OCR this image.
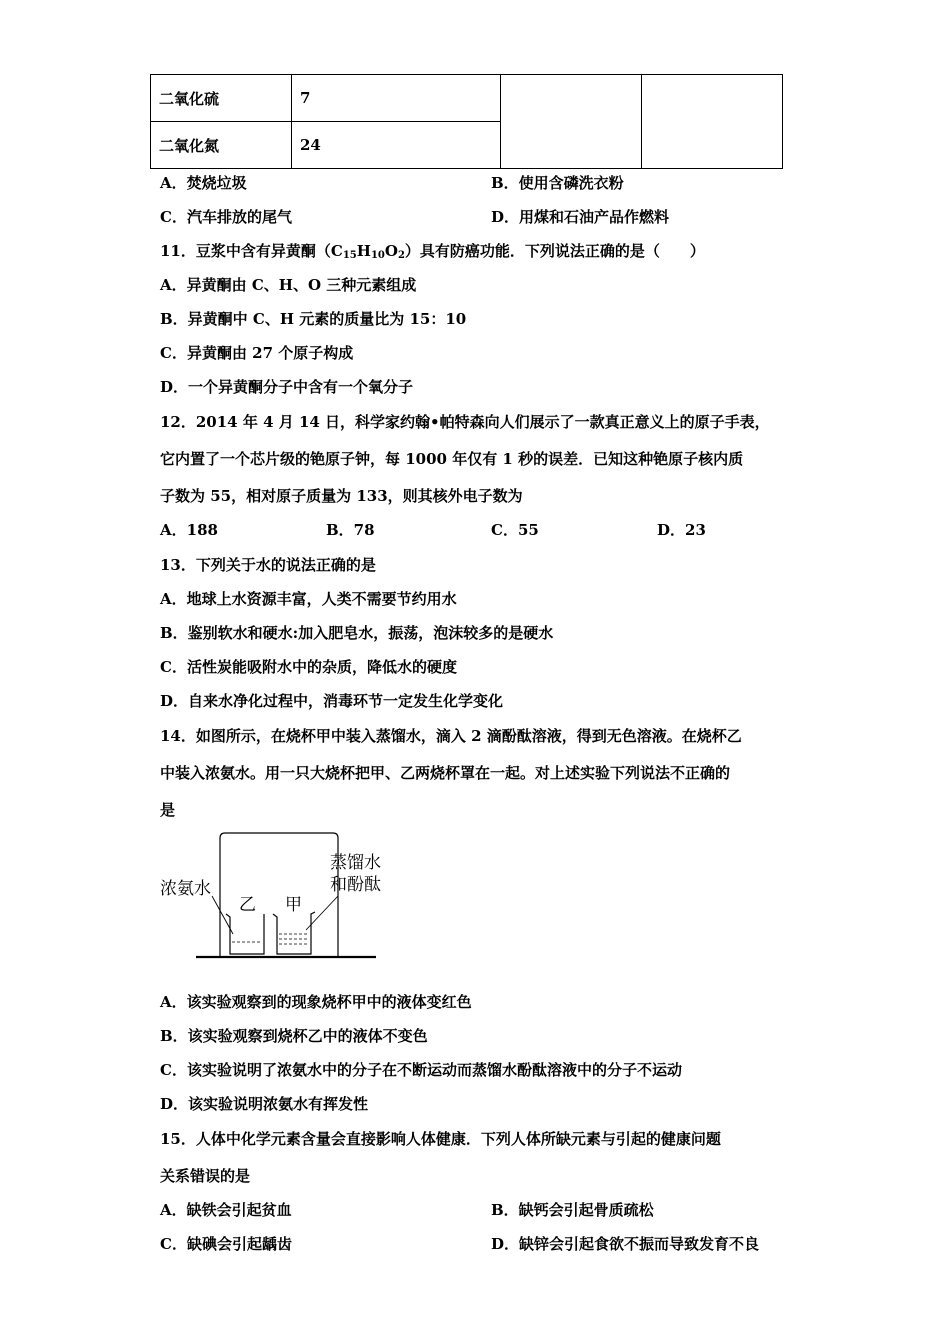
二氧化硫	7		
二氧化氮	24		
A．焚烧垃圾	B．使用含磷洗衣粉
C．汽车排放的尾气	D．用煤和石油产品作燃料
11．豆浆中含有异黄酮$(C_{15}H_{10}O_2)$具有防癌功能．下列说法正确的是（　　）
A．异黄酮由 C、H、O 三种元素组成
B．异黄酮中 C、H 元素的质量比为 15：10
C．异黄酮由 27 个原子构成
D．一个异黄酮分子中含有一个氧分子
12．2014 年 4 月 14 日，科学家约翰•帕特森向人们展示了一款真正意义上的原子手表，
它内置了一个芯片级的铯原子钟，每 1000 年仅有 1 秒的误差．已知这种铯原子核内质
子数为 55，相对原子质量为 133，则其核外电子数为
A．188	B．78	C．55	D．23
13．下列关于水的说法正确的是
A．地球上水资源丰富，人类不需要节约用水
B．鉴别软水和硬水:加入肥皂水，振荡，泡沫较多的是硬水
C．活性炭能吸附水中的杂质，降低水的硬度
D．自来水净化过程中，消毒环节一定发生化学变化
14．如图所示，在烧杯甲中装入蒸馏水，滴入 2 滴酚酞溶液，得到无色溶液。在烧杯乙
中装入浓氨水。用一只大烧杯把甲、乙两烧杯罩在一起。对上述实验下列说法不正确的
是
浓氨水
乙 甲
蒸馏水
和酚酞
A．该实验观察到的现象烧杯甲中的液体变红色
B．该实验观察到烧杯乙中的液体不变色
C．该实验说明了浓氨水中的分子在不断运动而蒸馏水酚酞溶液中的分子不运动
D．该实验说明浓氨水有挥发性
15．人体中化学元素含量会直接影响人体健康．下列人体所缺元素与引起的健康问题
关系错误的是
A．缺铁会引起贫血	B．缺钙会引起骨质疏松
C．缺碘会引起龋齿	D．缺锌会引起食欲不振而导致发育不良
